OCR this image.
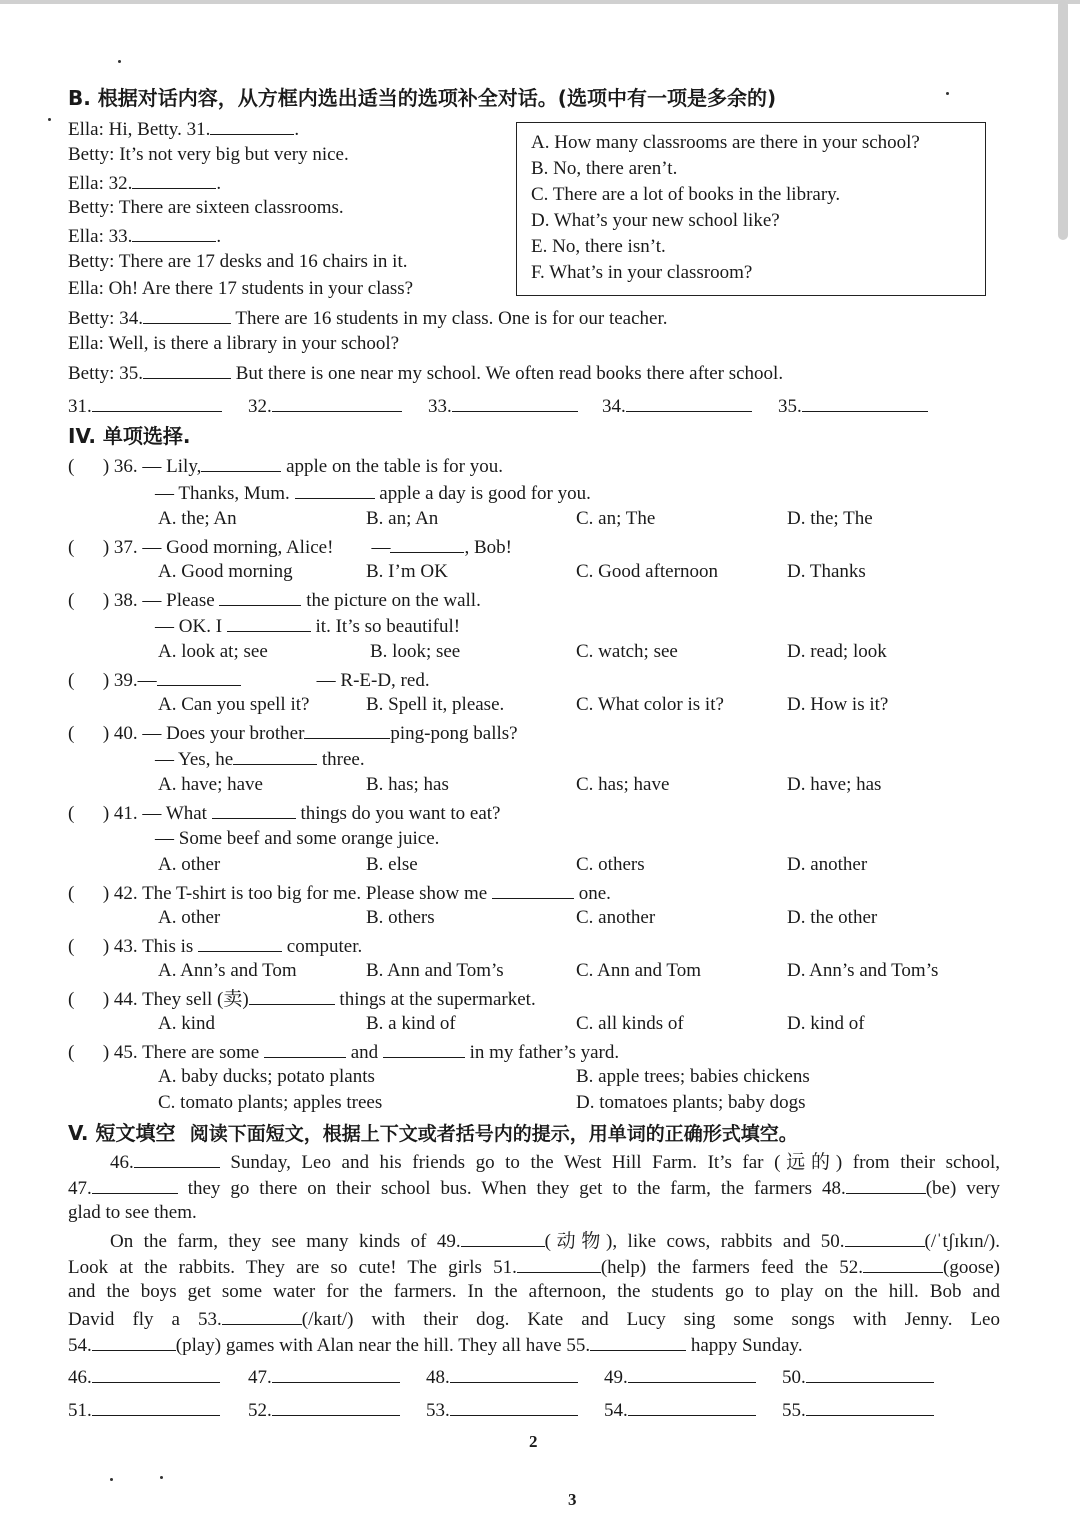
B. 根据对话内容，从方框内选出适当的选项补全对话。(选项中有一项是多余的)
Ella: Hi, Betty. 31.	.
Betty: It’s not very big but very nice.
Ella: 32.	.
Betty: There are sixteen classrooms.
Ella: 33.	.
Betty: There are 17 desks and 16 chairs in it.
Ella: Oh! Are there 17 students in your class?
Betty: 34.	There are 16 students in my class. One is for our teacher.
Ella: Well, is there a library in your school?
Betty: 35.	But there is one near my school. We often read books there after school.
A. How many classrooms are there in your school?
B. No, there aren’t.
C. There are a lot of books in the library.
D. What’s your new school like?
E. No, there isn’t.
F. What’s in your classroom?
31.	32.	33.	34.	35.
IV. 单项选择.
( ) 36. — Lily,	apple on the table is for you.
— Thanks, Mum.	apple a day is good for you.
A. the; An	B. an; An	C. an; The	D. the; The
( ) 37. — Good morning, Alice! —	, Bob!
A. Good morning	B. I’m OK	C. Good afternoon	D. Thanks
( ) 38. — Please	the picture on the wall.
— OK. I	it. It’s so beautiful!
A. look at; see	B. look; see	C. watch; see	D. read; look
( ) 39.—	— R-E-D, red.
A. Can you spell it?	B. Spell it, please.	C. What color is it?	D. How is it?
( ) 40. — Does your brother	ping-pong balls?
— Yes, he	three.
A. have; have	B. has; has	C. has; have	D. have; has
( ) 41. — What	things do you want to eat?
— Some beef and some orange juice.
A. other	B. else	C. others	D. another
( ) 42. The T-shirt is too big for me. Please show me	one.
A. other	B. others	C. another	D. the other
( ) 43. This is	computer.
A. Ann’s and Tom	B. Ann and Tom’s	C. Ann and Tom	D. Ann’s and Tom’s
( ) 44. They sell (卖)	things at the supermarket.
A. kind	B. a kind of	C. all kinds of	D. kind of
( ) 45. There are some	and	in my father’s yard.
A. baby ducks; potato plants	B. apple trees; babies chickens
C. tomato plants; apples trees	D. tomatoes plants; baby dogs
V. 短文填空 阅读下面短文，根据上下文或者括号内的提示，用单词的正确形式填空。
46.	Sunday, Leo and his friends go to the West Hill Farm. It’s far (远的) from their school,
47.	they go there on their school bus. When they get to the farm, the farmers 48.	(be) very
glad to see them.
On the farm, they see many kinds of 49.	(动物), like cows, rabbits and 50.	(/ˈtʃɪkɪn/).
Look at the rabbits. They are so cute! The girls 51.	(help) the farmers feed the 52.	(goose)
and the boys get some water for the farmers. In the afternoon, the students go to play on the hill. Bob and
David fly a 53.	(/kaɪt/) with their dog. Kate and Lucy sing some songs with Jenny. Leo
54.	(play) games with Alan near the hill. They all have 55.	happy Sunday.
46.	47.	48.	49.	50.
51.	52.	53.	54.	55.
2
3
